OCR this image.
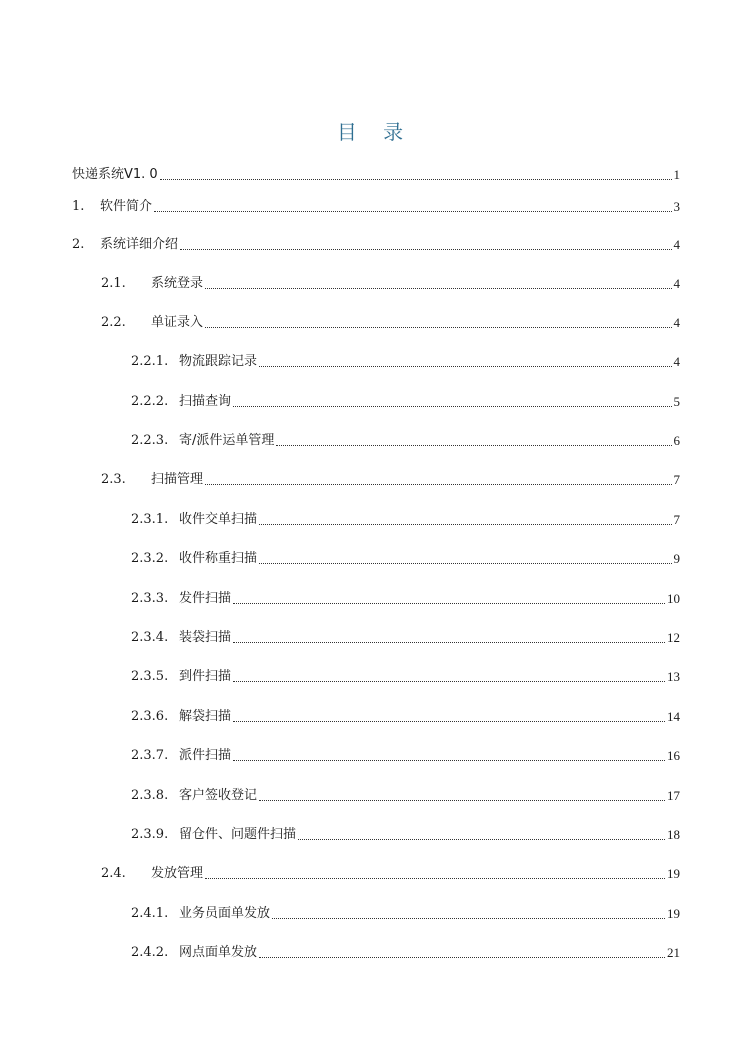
目 录
快递系统V1. 0	1
1.	软件简介	3
2.	系统详细介绍	4
2.1.	系统登录	4
2.2.	单证录入	4
2.2.1. 物流跟踪记录	4
2.2.2. 扫描查询	5
2.2.3. 寄/派件运单管理	6
2.3.	扫描管理	7
2.3.1. 收件交单扫描	7
2.3.2. 收件称重扫描	9
2.3.3. 发件扫描	10
2.3.4. 装袋扫描	12
2.3.5. 到件扫描	13
2.3.6. 解袋扫描	14
2.3.7. 派件扫描	16
2.3.8. 客户签收登记	17
2.3.9. 留仓件、问题件扫描	18
2.4.	发放管理	19
2.4.1. 业务员面单发放	19
2.4.2. 网点面单发放	21
